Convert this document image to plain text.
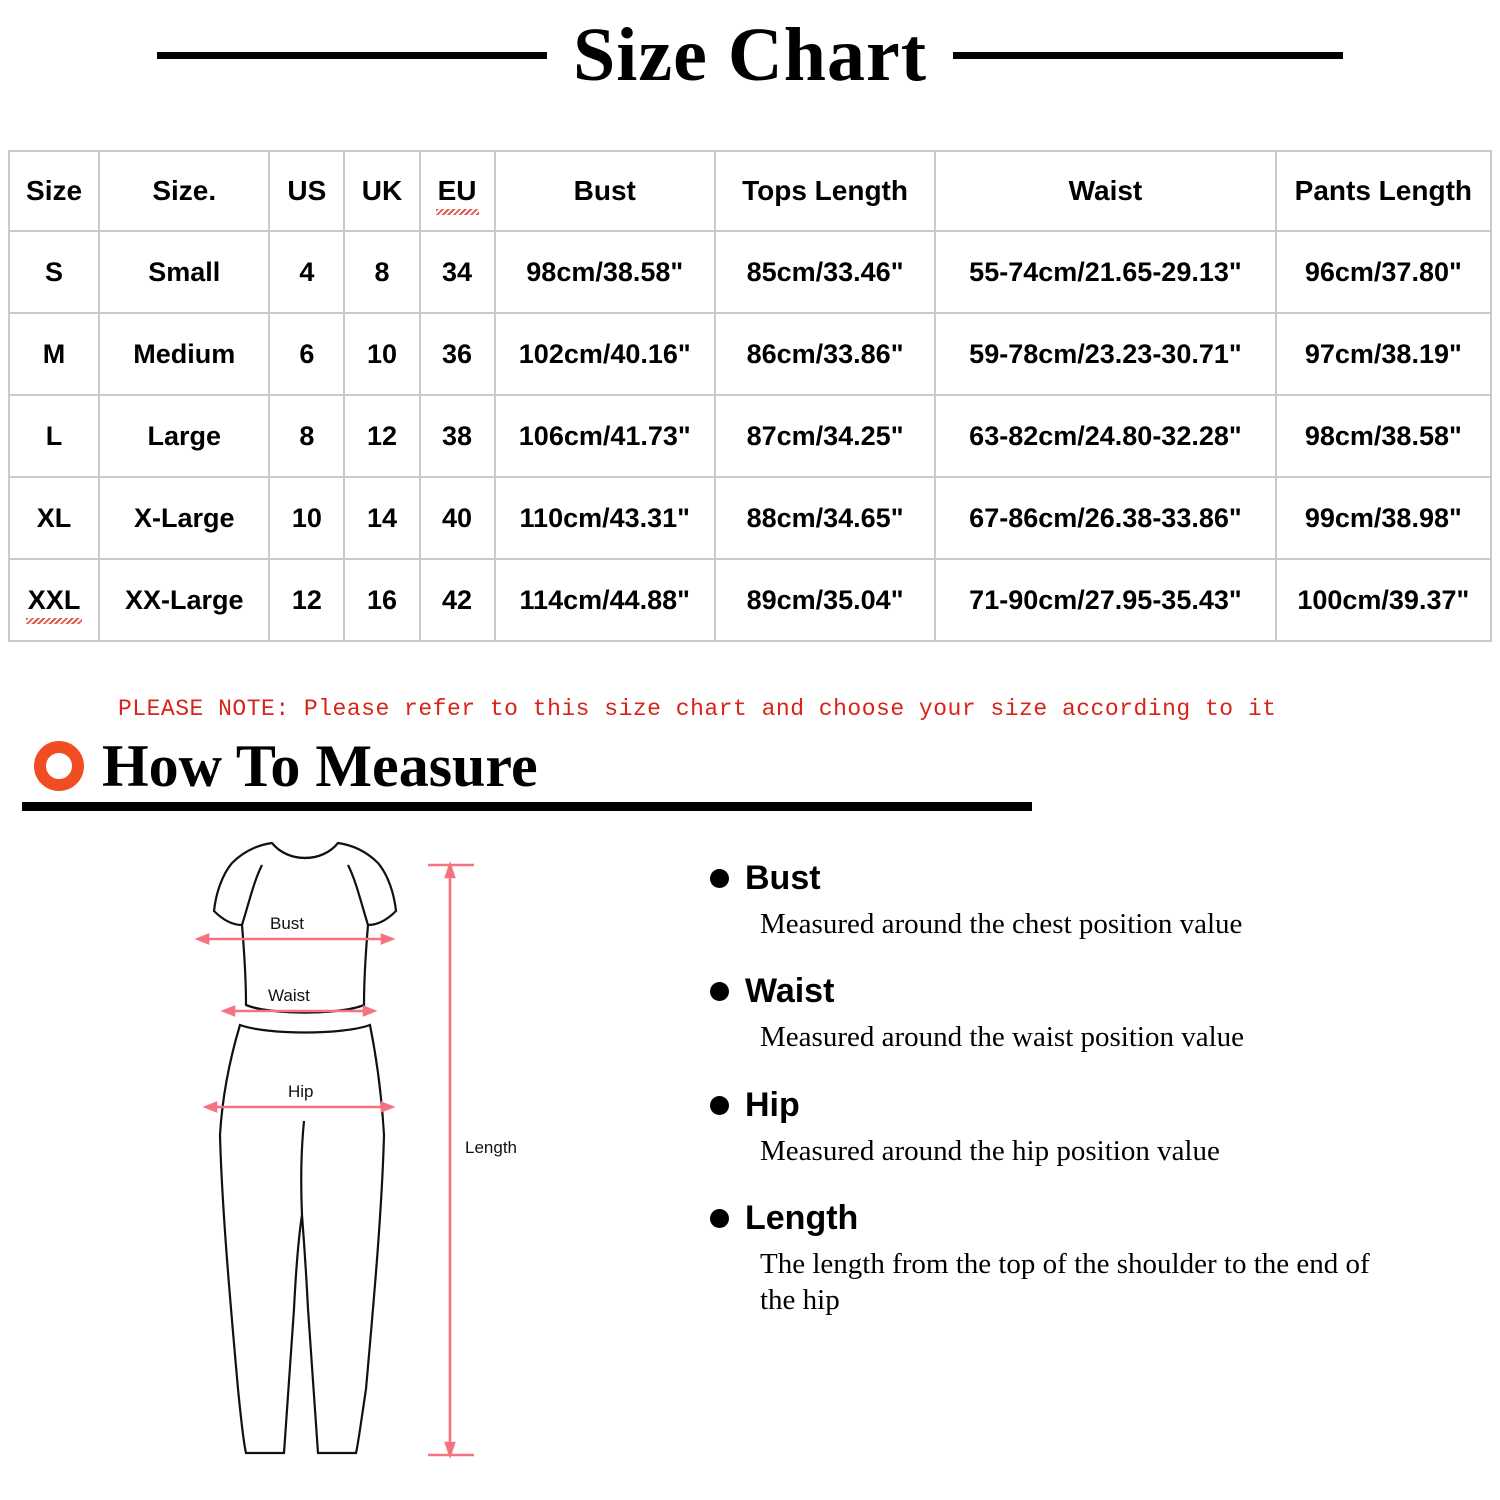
Size Chart
Size	Size.	US	UK	EU	Bust	Tops Length	Waist	Pants Length
S	Small	4	8	34	98cm/38.58"	85cm/33.46"	55-74cm/21.65-29.13"	96cm/37.80"
M	Medium	6	10	36	102cm/40.16"	86cm/33.86"	59-78cm/23.23-30.71"	97cm/38.19"
L	Large	8	12	38	106cm/41.73"	87cm/34.25"	63-82cm/24.80-32.28"	98cm/38.58"
XL	X-Large	10	14	40	110cm/43.31"	88cm/34.65"	67-86cm/26.38-33.86"	99cm/38.98"
XXL	XX-Large	12	16	42	114cm/44.88"	89cm/35.04"	71-90cm/27.95-35.43"	100cm/39.37"
PLEASE NOTE: Please refer to this size chart and choose your size according to it
How To Measure
Bust
Waist
Hip
Length
Bust
Measured around the chest position value
Waist
Measured around the waist position value
Hip
Measured around the hip position value
Length
The length from the top of the shoulder to the end of the hip
